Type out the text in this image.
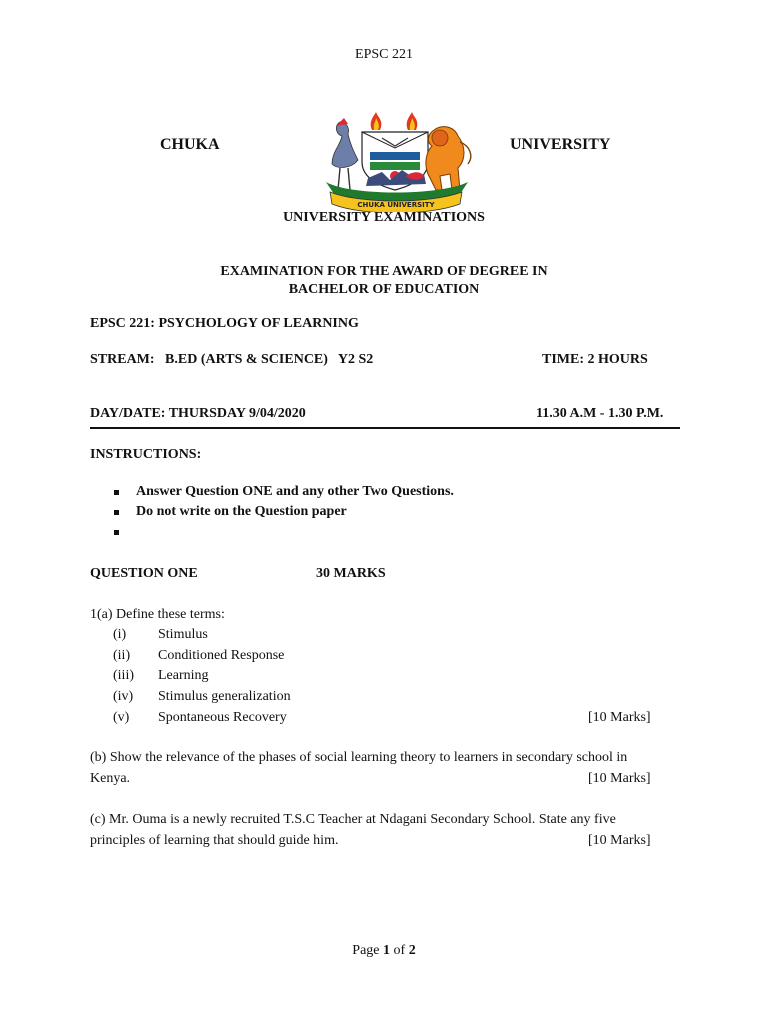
EPSC 221
CHUKA	UNIVERSITY
CHUKA UNIVERSITY
UNIVERSITY EXAMINATIONS
EXAMINATION FOR THE AWARD OF DEGREE IN
BACHELOR OF EDUCATION
EPSC 221: PSYCHOLOGY OF LEARNING
STREAM:   B.ED (ARTS & SCIENCE)   Y2 S2	TIME: 2 HOURS
DAY/DATE: THURSDAY 9/04/2020	11.30 A.M - 1.30 P.M.
INSTRUCTIONS:
Answer Question ONE and any other Two Questions.
Do not write on the Question paper
QUESTION ONE	30 MARKS
1(a) Define these terms:
(i) Stimulus
(ii) Conditioned Response
(iii) Learning
(iv) Stimulus generalization
(v) Spontaneous Recovery	[10 Marks]
(b) Show the relevance of the phases of social learning theory to learners in secondary school in
Kenya.	[10 Marks]
(c) Mr. Ouma is a newly recruited T.S.C Teacher at Ndagani Secondary School. State any five
principles of learning that should guide him.	[10 Marks]
Page 1 of 2
